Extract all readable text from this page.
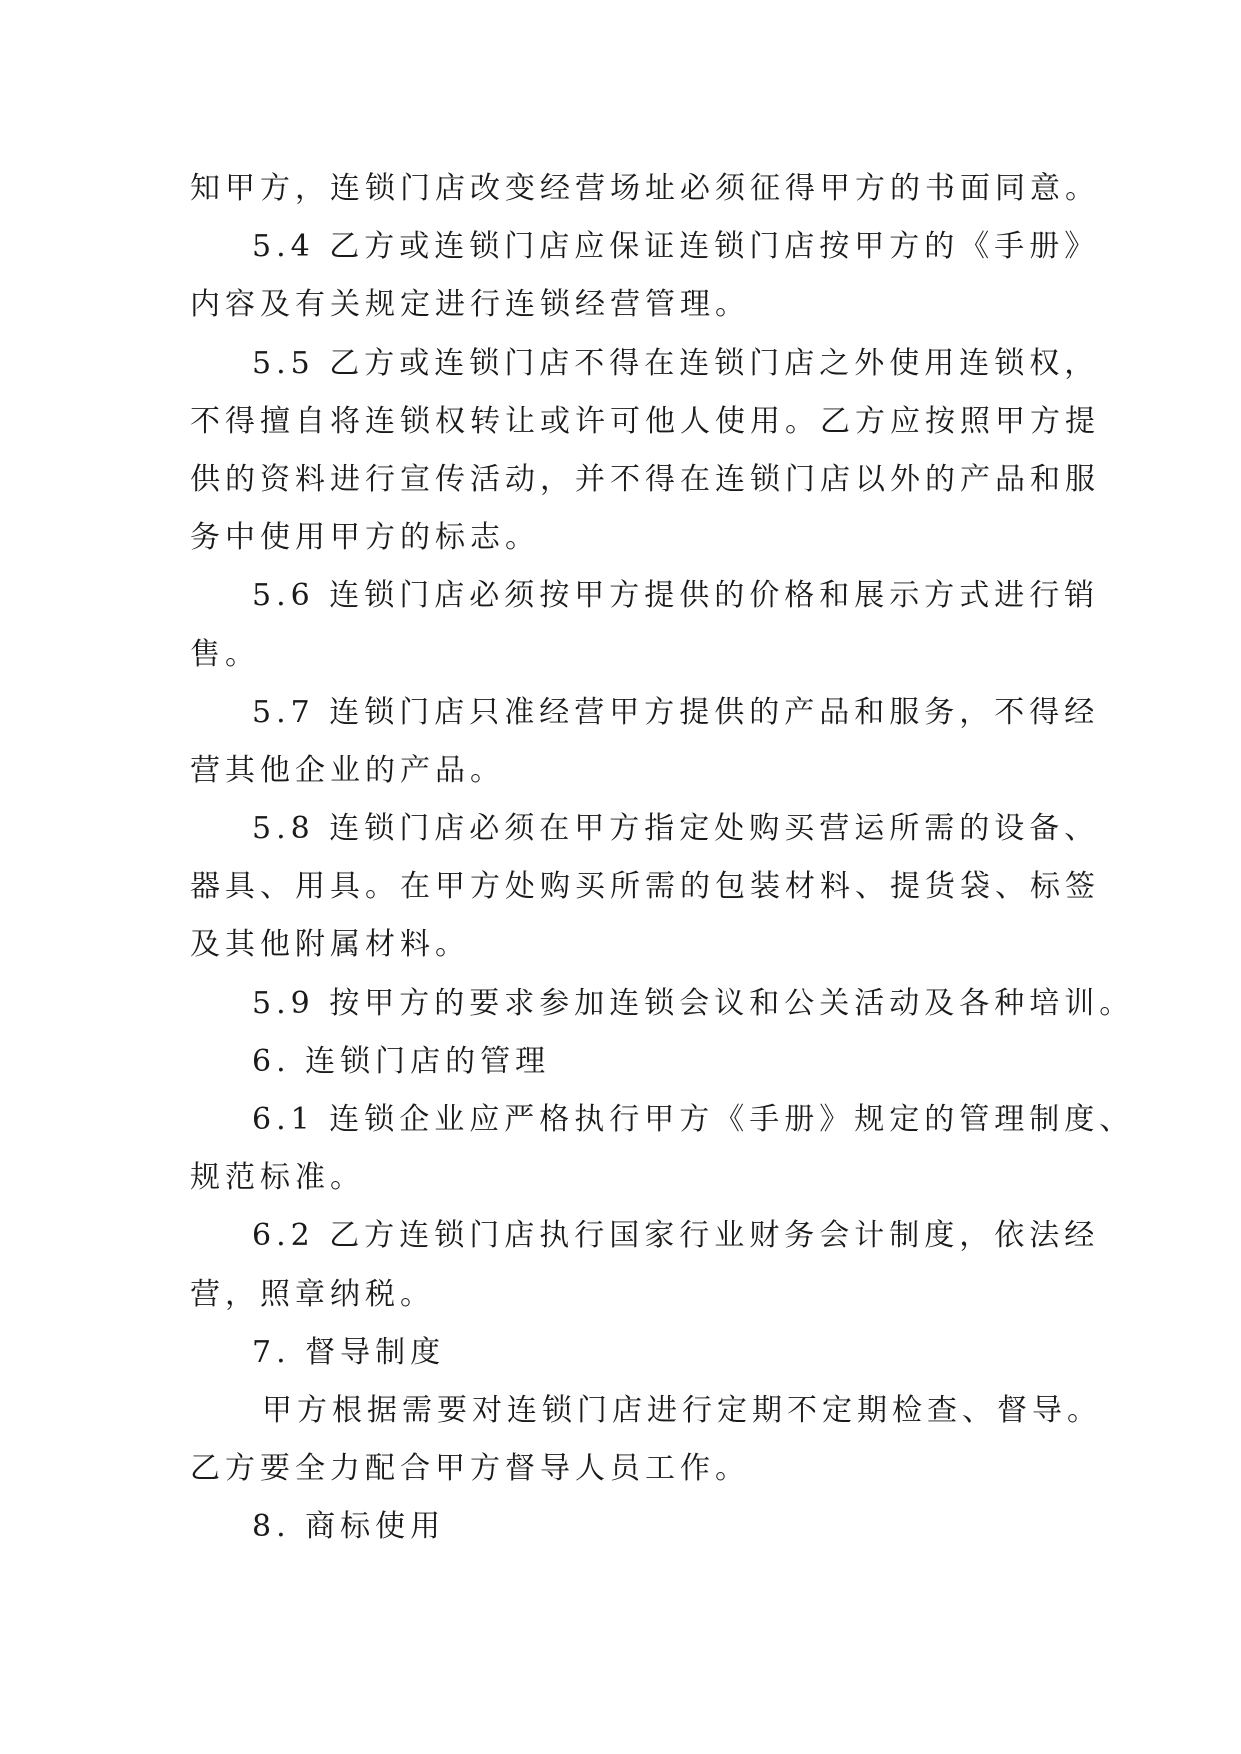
知甲方，连锁门店改变经营场址必须征得甲方的书面同意。
5.4 乙方或连锁门店应保证连锁门店按甲方的《手册》
内容及有关规定进行连锁经营管理。
5.5 乙方或连锁门店不得在连锁门店之外使用连锁权，
不得擅自将连锁权转让或许可他人使用。乙方应按照甲方提
供的资料进行宣传活动，并不得在连锁门店以外的产品和服
务中使用甲方的标志。
5.6 连锁门店必须按甲方提供的价格和展示方式进行销
售。
5.7 连锁门店只准经营甲方提供的产品和服务，不得经
营其他企业的产品。
5.8 连锁门店必须在甲方指定处购买营运所需的设备、
器具、用具。在甲方处购买所需的包装材料、提货袋、标签
及其他附属材料。
5.9 按甲方的要求参加连锁会议和公关活动及各种培训。
6. 连锁门店的管理
6.1 连锁企业应严格执行甲方《手册》规定的管理制度、
规范标准。
6.2 乙方连锁门店执行国家行业财务会计制度，依法经
营，照章纳税。
7. 督导制度
甲方根据需要对连锁门店进行定期不定期检查、督导。
乙方要全力配合甲方督导人员工作。
8. 商标使用
